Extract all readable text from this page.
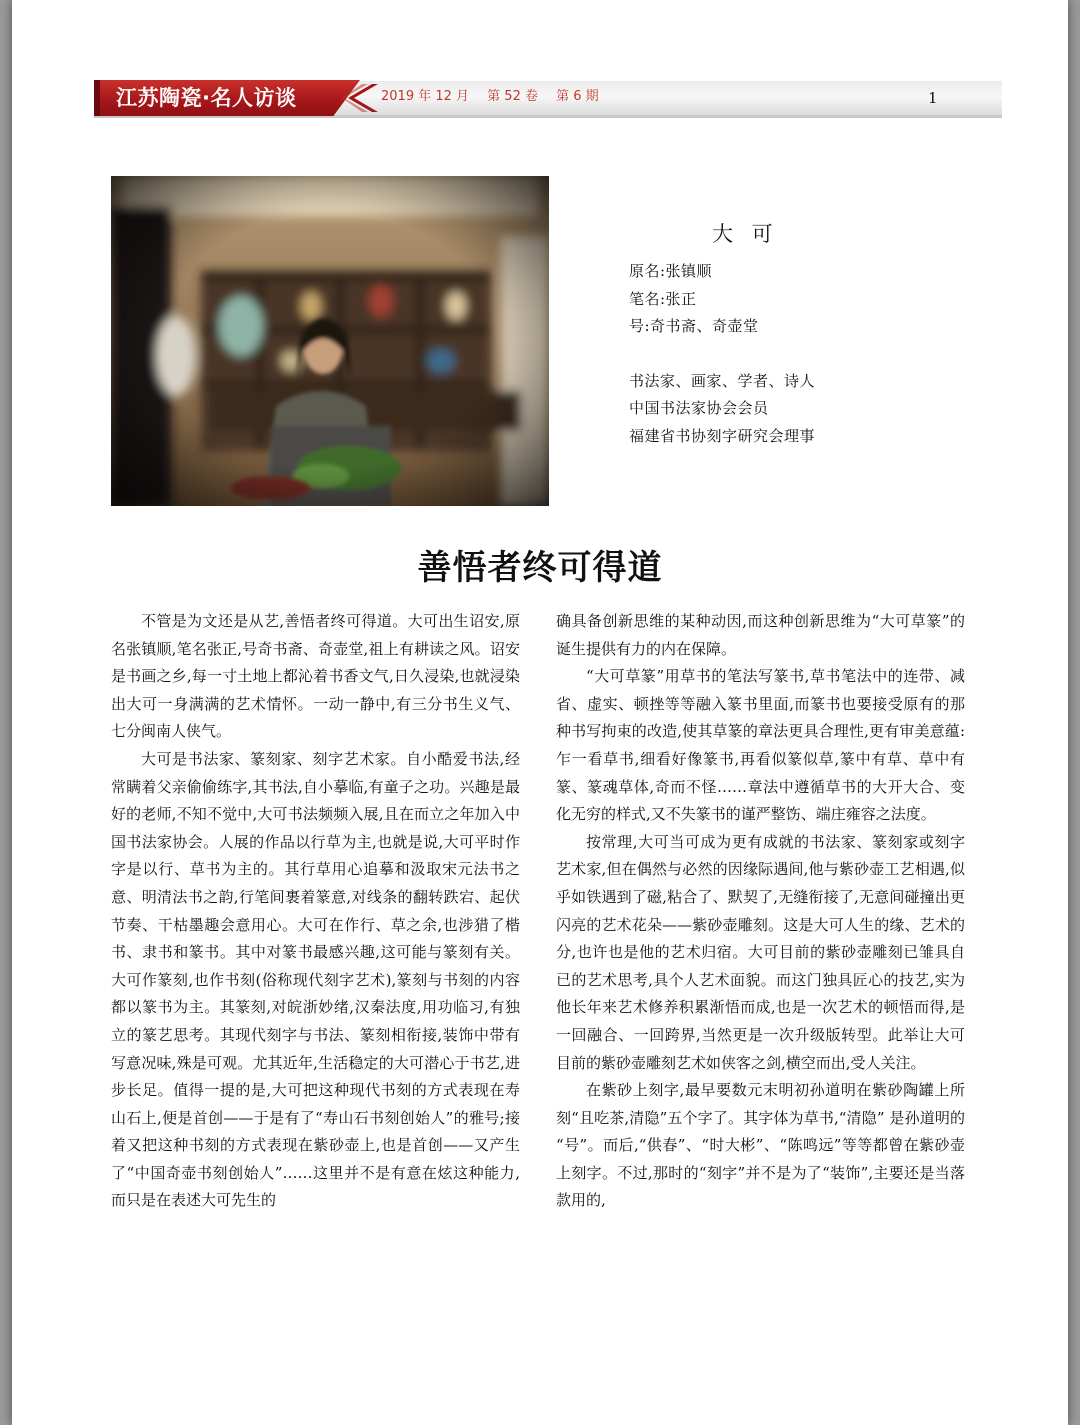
江苏陶瓷·名人访谈	2019 年 12 月 第 52 卷 第 6 期	1
大 可
原名:张镇顺
笔名:张正
号:奇书斋、奇壶堂
书法家、画家、学者、诗人
中国书法家协会会员
福建省书协刻字研究会理事
善悟者终可得道

不管是为文还是从艺,善悟者终可得道。大可出生诏安,原名张镇顺,笔名张正,号奇书斋、奇壶堂,祖上有耕读之风。诏安是书画之乡,每一寸土地上都沁着书香文气,日久浸染,也就浸染出大可一身满满的艺术情怀。一动一静中,有三分书生义气、七分闽南人侠气。

大可是书法家、篆刻家、刻字艺术家。自小酷爱书法,经常瞒着父亲偷偷练字,其书法,自小摹临,有童子之功。兴趣是最好的老师,不知不觉中,大可书法频频入展,且在而立之年加入中国书法家协会。人展的作品以行草为主,也就是说,大可平时作字是以行、草书为主的。其行草用心追摹和汲取宋元法书之意、明清法书之韵,行笔间裹着篆意,对线条的翻转跌宕、起伏节奏、干枯墨趣会意用心。大可在作行、草之余,也涉猎了楷书、隶书和篆书。其中对篆书最感兴趣,这可能与篆刻有关。大可作篆刻,也作书刻(俗称现代刻字艺术),篆刻与书刻的内容都以篆书为主。其篆刻,对皖浙妙绪,汉秦法度,用功临习,有独立的篆艺思考。其现代刻字与书法、篆刻相衔接,装饰中带有写意况味,殊是可观。尤其近年,生活稳定的大可潜心于书艺,进步长足。值得一提的是,大可把这种现代书刻的方式表现在寿山石上,便是首创——于是有了“寿山石书刻创始人”的雅号;接着又把这种书刻的方式表现在紫砂壶上,也是首创——又产生了“中国奇壶书刻创始人”……这里并不是有意在炫这种能力,而只是在表述大可先生的

确具备创新思维的某种动因,而这种创新思维为“大可草篆”的诞生提供有力的内在保障。

“大可草篆”用草书的笔法写篆书,草书笔法中的连带、减省、虚实、顿挫等等融入篆书里面,而篆书也要接受原有的那种书写拘束的改造,使其草篆的章法更具合理性,更有审美意蕴:乍一看草书,细看好像篆书,再看似篆似草,篆中有草、草中有篆、篆魂草体,奇而不怪……章法中遵循草书的大开大合、变化无穷的样式,又不失篆书的谨严整饬、端庄雍容之法度。

按常理,大可当可成为更有成就的书法家、篆刻家或刻字艺术家,但在偶然与必然的因缘际遇间,他与紫砂壶工艺相遇,似乎如铁遇到了磁,粘合了、默契了,无缝衔接了,无意间碰撞出更闪亮的艺术花朵——紫砂壶雕刻。这是大可人生的缘、艺术的分,也许也是他的艺术归宿。大可目前的紫砂壶雕刻已雏具自已的艺术思考,具个人艺术面貌。而这门独具匠心的技艺,实为他长年来艺术修养积累渐悟而成,也是一次艺术的顿悟而得,是一回融合、一回跨界,当然更是一次升级版转型。此举让大可目前的紫砂壶雕刻艺术如侠客之剑,横空而出,受人关注。

在紫砂上刻字,最早要数元末明初孙道明在紫砂陶罐上所刻“且吃茶,清隐”五个字了。其字体为草书,“清隐” 是孙道明的 “号”。而后,“供春”、“时大彬”、“陈鸣远”等等都曾在紫砂壶上刻字。不过,那时的“刻字”并不是为了“装饰”,主要还是当落款用的,
